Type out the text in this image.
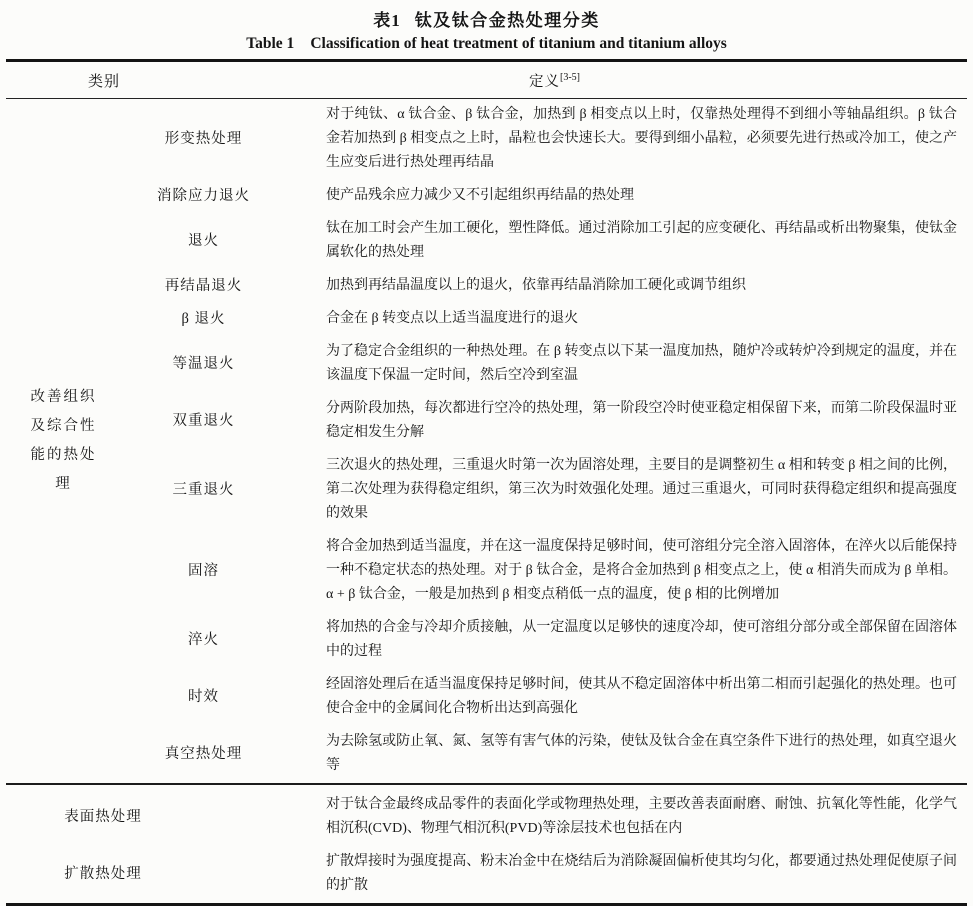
表1 钛及钛合金热处理分类
Table 1 Classification of heat treatment of titanium and titanium alloys
类别		定义[3-5]
改善组织及综合性能的热处理	形变热处理	对于纯钛、α 钛合金、β 钛合金，加热到 β 相变点以上时，仅靠热处理得不到细小等轴晶组织。β 钛合金若加热到 β 相变点之上时，晶粒也会快速长大。要得到细小晶粒，必须要先进行热或冷加工，使之产生应变后进行热处理再结晶
	消除应力退火	使产品残余应力减少又不引起组织再结晶的热处理
	退火	钛在加工时会产生加工硬化，塑性降低。通过消除加工引起的应变硬化、再结晶或析出物聚集，使钛金属软化的热处理
	再结晶退火	加热到再结晶温度以上的退火，依靠再结晶消除加工硬化或调节组织
	β 退火	合金在 β 转变点以上适当温度进行的退火
	等温退火	为了稳定合金组织的一种热处理。在 β 转变点以下某一温度加热，随炉冷或转炉冷到规定的温度，并在该温度下保温一定时间，然后空冷到室温
	双重退火	分两阶段加热，每次都进行空冷的热处理，第一阶段空冷时使亚稳定相保留下来，而第二阶段保温时亚稳定相发生分解
	三重退火	三次退火的热处理，三重退火时第一次为固溶处理，主要目的是调整初生 α 相和转变 β 相之间的比例，第二次处理为获得稳定组织，第三次为时效强化处理。通过三重退火，可同时获得稳定组织和提高强度的效果
	固溶	将合金加热到适当温度，并在这一温度保持足够时间，使可溶组分完全溶入固溶体，在淬火以后能保持一种不稳定状态的热处理。对于 β 钛合金，是将合金加热到 β 相变点之上，使 α 相消失而成为 β 单相。α + β 钛合金，一般是加热到 β 相变点稍低一点的温度，使 β 相的比例增加
	淬火	将加热的合金与冷却介质接触，从一定温度以足够快的速度冷却，使可溶组分部分或全部保留在固溶体中的过程
	时效	经固溶处理后在适当温度保持足够时间，使其从不稳定固溶体中析出第二相而引起强化的热处理。也可使合金中的金属间化合物析出达到高强化
	真空热处理	为去除氢或防止氧、氮、氢等有害气体的污染，使钛及钛合金在真空条件下进行的热处理，如真空退火等
表面热处理		对于钛合金最终成品零件的表面化学或物理热处理，主要改善表面耐磨、耐蚀、抗氧化等性能，化学气相沉积(CVD)、物理气相沉积(PVD)等涂层技术也包括在内
扩散热处理		扩散焊接时为强度提高、粉末冶金中在烧结后为消除凝固偏析使其均匀化，都要通过热处理促使原子间的扩散
